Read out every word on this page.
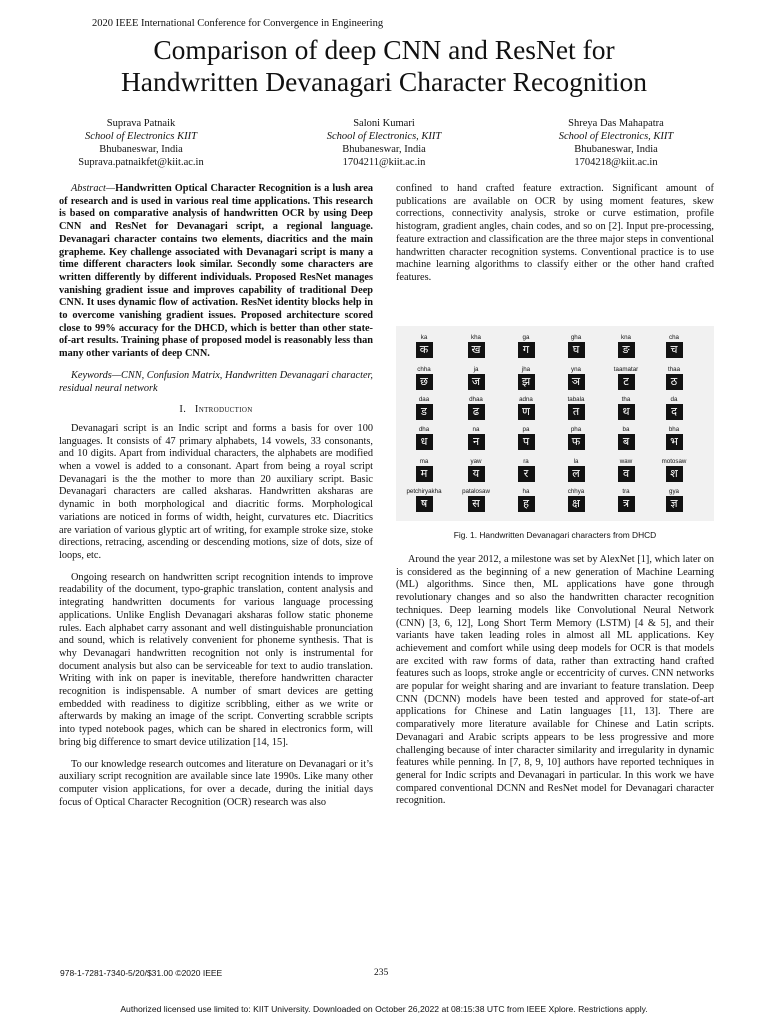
2020 IEEE International Conference for Convergence in Engineering
Comparison of deep CNN and ResNet for
Handwritten Devanagari Character Recognition
Suprava Patnaik
School of Electronics KIIT
Bhubaneswar, India
Suprava.patnaikfet@kiit.ac.in
Saloni Kumari
School of Electronics, KIIT
Bhubaneswar, India
1704211@kiit.ac.in
Shreya Das Mahapatra
School of Electronics, KIIT
Bhubaneswar, India
1704218@kiit.ac.in

Abstract—Handwritten Optical Character Recognition is a lush area of research and is used in various real time applications. This research is based on comparative analysis of handwritten OCR by using Deep CNN and ResNet for Devanagari script, a regional language. Devanagari character contains two elements, diacritics and the main grapheme. Key challenge associated with Devanagari script is many a time different characters look similar. Secondly some characters are written differently by different individuals. Proposed ResNet manages vanishing gradient issue and improves capability of traditional Deep CNN. It uses dynamic flow of activation. ResNet identity blocks help in to overcome vanishing gradient issues. Proposed architecture scored close to 99% accuracy for the DHCD, which is better than other state-of-art results. Training phase of proposed model is reasonably less than many other variants of deep CNN.

Keywords—CNN, Confusion Matrix, Handwritten Devanagari character, residual neural network

I. Introduction

Devanagari script is an Indic script and forms a basis for over 100 languages. It consists of 47 primary alphabets, 14 vowels, 33 consonants, and 10 digits. Apart from individual characters, the alphabets are modified when a vowel is added to a consonant. Apart from being a royal script Devanagari is the the mother to more than 20 auxiliary script. Basic Devanagari characters are called aksharas. Handwritten aksharas are dynamic in both morphological and diacritic forms. Morphological variations are noticed in forms of width, height, curvatures etc. Diacritics are variation of various glyptic art of writing, for example stroke size, stoke directions, retracing, ascending or descending motions, size of dots, size of loops, etc.

Ongoing research on handwritten script recognition intends to improve readability of the document, typo-graphic translation, content analysis and integrating handwritten documents for various language processing applications. Unlike English Devanagari aksharas follow static phoneme rules. Each alphabet carry assonant and well distinguishable pronunciation and sound, which is relatively convenient for phoneme synthesis. That is why Devanagari handwritten recognition not only is instrumental for document analysis but also can be serviceable for text to audio translation. Writing with ink on paper is inevitable, therefore handwritten character recognition is indispensable. A number of smart devices are getting embedded with readiness to digitize scribbling, either as we write or afterwards by making an image of the script. Converting scrabble scripts into typed notebook pages, which can be shared in electronics form, will bring big difference to smart device utilization [14, 15].

To our knowledge research outcomes and literature on Devanagari or it’s auxiliary script recognition are available since late 1990s. Like many other computer vision applications, for over a decade, during the initial days focus of Optical Character Recognition (OCR) research was also

confined to hand crafted feature extraction. Significant amount of publications are available on OCR by using moment features, skew corrections, connectivity analysis, stroke or curve estimation, profile histogram, gradient angles, chain codes, and so on [2]. Input pre-processing, feature extraction and classification are the three major steps in conventional handwritten character recognition systems. Conventional practice is to use machine learning algorithms to classify either or the other hand crafted features.

ka
क
kha
ख
ga
ग
gha
घ
kna
ङ
cha
च
chha
छ
ja
ज
jha
झ
yna
ञ
taamatar
ट
thaa
ठ
daa
ड
dhaa
ढ
adna
ण
tabala
त
tha
थ
da
द
dha
ध
na
न
pa
प
pha
फ
ba
ब
bha
भ
ma
म
yaw
य
ra
र
la
ल
waw
व
motosaw
श
petchiryakha
ष
patalosaw
स
ha
ह
chhya
क्ष
tra
त्र
gya
ज्ञ
Fig. 1. Handwritten Devanagari characters from DHCD

Around the year 2012, a milestone was set by AlexNet [1], which later on is considered as the beginning of a new generation of Machine Learning (ML) algorithms. Since then, ML applications have gone through revolutionary changes and so also the handwritten character recognition techniques. Deep learning models like Convolutional Neural Network (CNN) [3, 6, 12], Long Short Term Memory (LSTM) [4 & 5], and their variants have taken leading roles in almost all ML applications. Key achievement and comfort while using deep models for OCR is that models are excited with raw forms of data, rather than extracting hand crafted features such as loops, stroke angle or eccentricity of curves. CNN networks are popular for weight sharing and are invariant to feature translation. Deep CNN (DCNN) models have been tested and approved for state-of-art applications for Chinese and Latin languages [11, 13]. There are comparatively more literature available for Chinese and Latin scripts. Devanagari and Arabic scripts appears to be less progressive and more challenging because of inter character similarity and irregularity in dynamic features while penning. In [7, 8, 9, 10] authors have reported techniques in general for Indic scripts and Devanagari in particular. In this work we have compared conventional DCNN and ResNet model for Devanagari character recognition.

978-1-7281-7340-5/20/$31.00 ©2020 IEEE	235
Authorized licensed use limited to: KIIT University. Downloaded on October 26,2022 at 08:15:38 UTC from IEEE Xplore. Restrictions apply.
